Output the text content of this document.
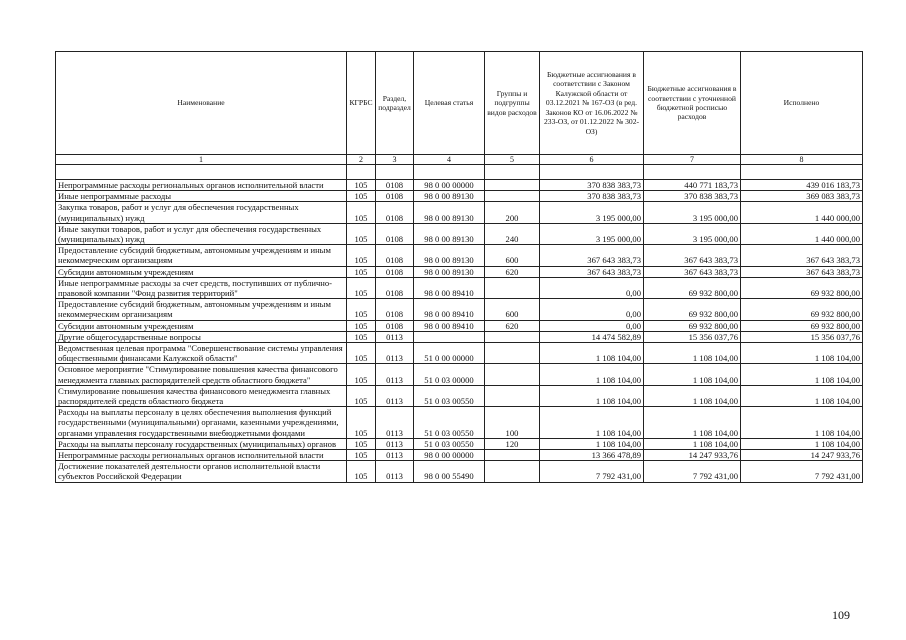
Наименование	КГРБС	Раздел, подраздел	Целевая статья	Группы и подгруппы видов расходов	Бюджетные ассигнования в соответствии с Законом Калужской области от 03.12.2021 № 167-ОЗ (в ред. Законов КО от 16.06.2022 № 233-ОЗ, от 01.12.2022 № 302-ОЗ)	Бюджетные ассигнования в соответствии с уточненной бюджетной росписью расходов	Исполнено
1	2	3	4	5	6	7	8

Непрограммные расходы региональных органов исполнительной власти	105	0108	98 0 00 00000		370 838 383,73	440 771 183,73	439 016 183,73
Иные непрограммные расходы	105	0108	98 0 00 89130		370 838 383,73	370 838 383,73	369 083 383,73
Закупка товаров, работ и услуг для обеспечения государственных (муниципальных) нужд	105	0108	98 0 00 89130	200	3 195 000,00	3 195 000,00	1 440 000,00
Иные закупки товаров, работ и услуг для обеспечения государственных (муниципальных) нужд	105	0108	98 0 00 89130	240	3 195 000,00	3 195 000,00	1 440 000,00
Предоставление субсидий бюджетным, автономным учреждениям и иным некоммерческим организациям	105	0108	98 0 00 89130	600	367 643 383,73	367 643 383,73	367 643 383,73
Субсидии автономным учреждениям	105	0108	98 0 00 89130	620	367 643 383,73	367 643 383,73	367 643 383,73
Иные непрограммные расходы за счет средств, поступивших от публично-правовой компании "Фонд развития территорий"	105	0108	98 0 00 89410		0,00	69 932 800,00	69 932 800,00
Предоставление субсидий бюджетным, автономным учреждениям и иным некоммерческим организациям	105	0108	98 0 00 89410	600	0,00	69 932 800,00	69 932 800,00
Субсидии автономным учреждениям	105	0108	98 0 00 89410	620	0,00	69 932 800,00	69 932 800,00
Другие общегосударственные вопросы	105	0113			14 474 582,89	15 356 037,76	15 356 037,76
Ведомственная целевая программа "Совершенствование системы управления общественными финансами Калужской области"	105	0113	51 0 00 00000		1 108 104,00	1 108 104,00	1 108 104,00
Основное мероприятие "Стимулирование повышения качества финансового менеджмента главных распорядителей средств областного бюджета"	105	0113	51 0 03 00000		1 108 104,00	1 108 104,00	1 108 104,00
Стимулирование повышения качества финансового менеджмента главных распорядителей средств областного бюджета	105	0113	51 0 03 00550		1 108 104,00	1 108 104,00	1 108 104,00
Расходы на выплаты персоналу в целях обеспечения выполнения функций государственными (муниципальными) органами, казенными учреждениями, органами управления государственными внебюджетными фондами	105	0113	51 0 03 00550	100	1 108 104,00	1 108 104,00	1 108 104,00
Расходы на выплаты персоналу государственных (муниципальных) органов	105	0113	51 0 03 00550	120	1 108 104,00	1 108 104,00	1 108 104,00
Непрограммные расходы региональных органов исполнительной власти	105	0113	98 0 00 00000		13 366 478,89	14 247 933,76	14 247 933,76
Достижение показателей деятельности органов исполнительной власти субъектов Российской Федерации	105	0113	98 0 00 55490		7 792 431,00	7 792 431,00	7 792 431,00
109
